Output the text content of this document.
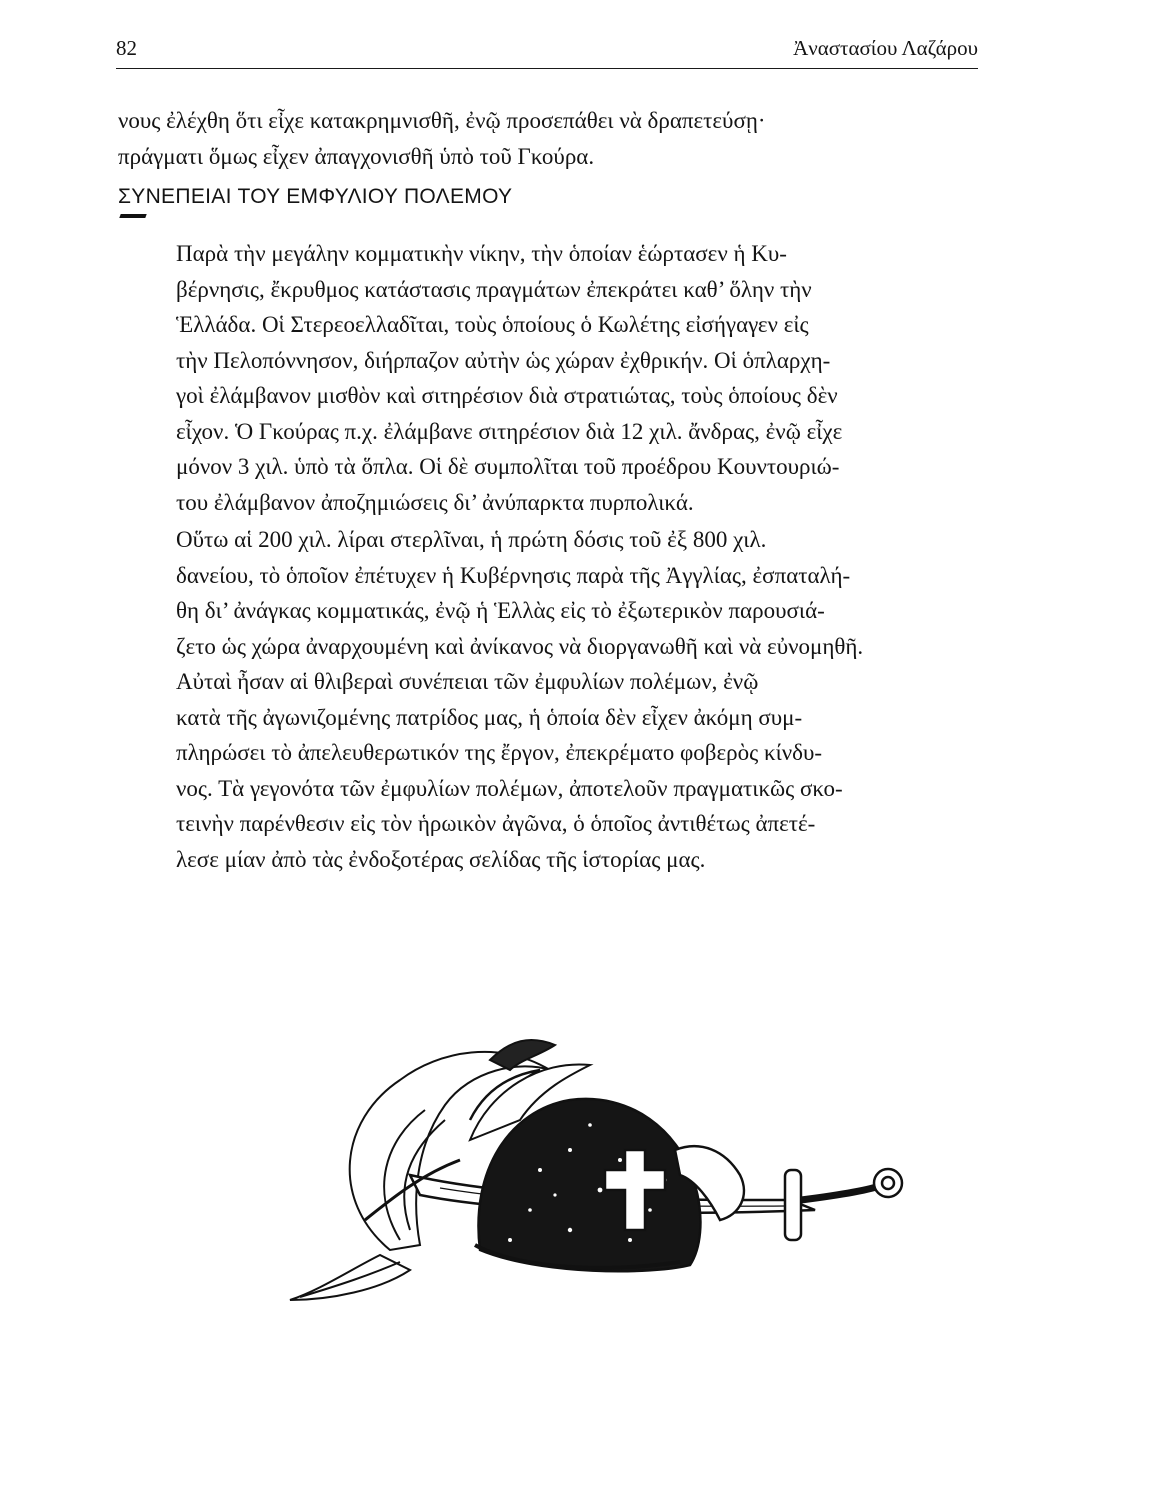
82	Ἀναστασίου Λαζάρου

νους ἐλέχθη ὅτι εἶχε κατακρημνισθῆ, ἐνῷ προσεπάθει νὰ δραπετεύσῃ·
πράγματι ὅμως εἶχεν ἀπαγχονισθῆ ὑπὸ τοῦ Γκούρα.

ΣΥΝΕΠΕΙΑΙ ΤΟΥ ΕΜΦΥΛΙΟΥ ΠΟΛΕΜΟΥ

Παρὰ τὴν μεγάλην κομματικὴν νίκην, τὴν ὁποίαν ἑώρτασεν ἡ Κυ-
βέρνησις, ἔκρυθμος κατάστασις πραγμάτων ἐπεκράτει καθ’ ὅλην τὴν
Ἑλλάδα. Οἱ Στερεοελλαδῖται, τοὺς ὁποίους ὁ Κωλέτης εἰσήγαγεν εἰς
τὴν Πελοπόννησον, διήρπαζον αὐτὴν ὡς χώραν ἐχθρικήν. Οἱ ὁπλαρχη-
γοὶ ἐλάμβανον μισθὸν καὶ σιτηρέσιον διὰ στρατιώτας, τοὺς ὁποίους δὲν
εἶχον. Ὁ Γκούρας π.χ. ἐλάμβανε σιτηρέσιον διὰ 12 χιλ. ἄνδρας, ἐνῷ εἶχε
μόνον 3 χιλ. ὑπὸ τὰ ὅπλα. Οἱ δὲ συμπολῖται τοῦ προέδρου Κουντουριώ-
του ἐλάμβανον ἀποζημιώσεις δι’ ἀνύπαρκτα πυρπολικά.

Οὕτω αἱ 200 χιλ. λίραι στερλῖναι, ἡ πρώτη δόσις τοῦ ἐξ 800 χιλ.
δανείου, τὸ ὁποῖον ἐπέτυχεν ἡ Κυβέρνησις παρὰ τῆς Ἀγγλίας, ἐσπαταλή-
θη δι’ ἀνάγκας κομματικάς, ἐνῷ ἡ Ἑλλὰς εἰς τὸ ἐξωτερικὸν παρουσιά-
ζετο ὡς χώρα ἀναρχουμένη καὶ ἀνίκανος νὰ διοργανωθῆ καὶ νὰ εὐνομηθῆ.
Αὐταὶ ἦσαν αἱ θλιβεραὶ συνέπειαι τῶν ἐμφυλίων πολέμων, ἐνῷ
κατὰ τῆς ἀγωνιζομένης πατρίδος μας, ἡ ὁποία δὲν εἶχεν ἀκόμη συμ-
πληρώσει τὸ ἀπελευθερωτικόν της ἔργον, ἐπεκρέματο φοβερὸς κίνδυ-
νος. Τὰ γεγονότα τῶν ἐμφυλίων πολέμων, ἀποτελοῦν πραγματικῶς σκο-
τεινὴν παρένθεσιν εἰς τὸν ἡρωικὸν ἀγῶνα, ὁ ὁποῖος ἀντιθέτως ἀπετέ-
λεσε μίαν ἀπὸ τὰς ἐνδοξοτέρας σελίδας τῆς ἱστορίας μας.
